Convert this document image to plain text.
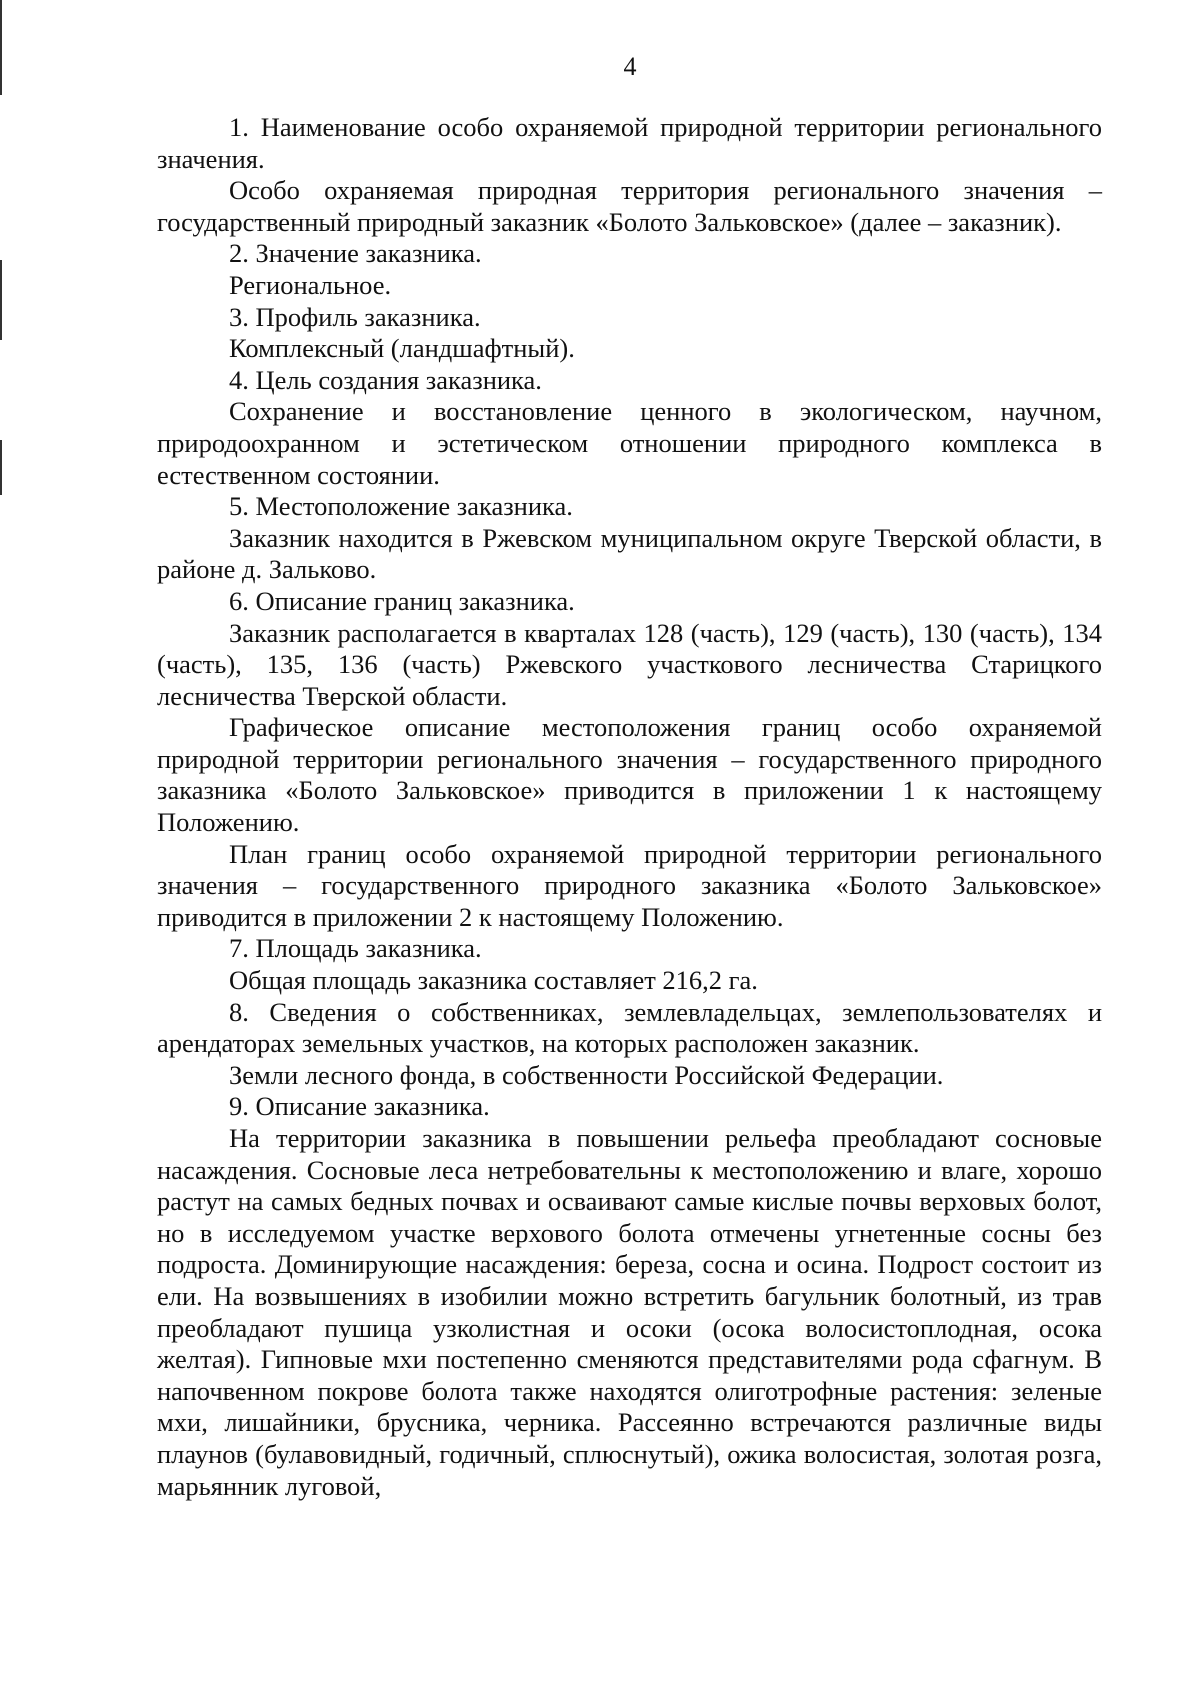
4

1. Наименование особо охраняемой природной территории регионального значения.

Особо охраняемая природная территория регионального значения – государственный природный заказник «Болото Зальковское» (далее – заказник).

2. Значение заказника.

Региональное.

3. Профиль заказника.

Комплексный (ландшафтный).

4. Цель создания заказника.

Сохранение и восстановление ценного в экологическом, научном, природоохранном и эстетическом отношении природного комплекса в естественном состоянии.

5. Местоположение заказника.

Заказник находится в Ржевском муниципальном округе Тверской области, в районе д. Зальково.

6. Описание границ заказника.

Заказник располагается в кварталах 128 (часть), 129 (часть), 130 (часть), 134 (часть), 135, 136 (часть) Ржевского участкового лесничества Старицкого лесничества Тверской области.

Графическое описание местоположения границ особо охраняемой природной территории регионального значения – государственного природного заказника «Болото Зальковское» приводится в приложении 1 к настоящему Положению.

План границ особо охраняемой природной территории регионального значения – государственного природного заказника «Болото Зальковское» приводится в приложении 2 к настоящему Положению.

7. Площадь заказника.

Общая площадь заказника составляет 216,2 га.

8. Сведения о собственниках, землевладельцах, землепользователях и арендаторах земельных участков, на которых расположен заказник.

Земли лесного фонда, в собственности Российской Федерации.

9. Описание заказника.

На территории заказника в повышении рельефа преобладают сосновые насаждения. Сосновые леса нетребовательны к местоположению и влаге, хорошо растут на самых бедных почвах и осваивают самые кислые почвы верховых болот, но в исследуемом участке верхового болота отмечены угнетенные сосны без подроста. Доминирующие насаждения: береза, сосна и осина. Подрост состоит из ели. На возвышениях в изобилии можно встретить багульник болотный, из трав преобладают пушица узколистная и осоки (осока волосистоплодная, осока желтая). Гипновые мхи постепенно сменяются представителями рода сфагнум. В напочвенном покрове болота также находятся олиготрофные растения: зеленые мхи, лишайники, брусника, черника. Рассеянно встречаются различные виды плаунов (булавовидный, годичный, сплюснутый), ожика волосистая, золотая розга, марьянник луговой,
